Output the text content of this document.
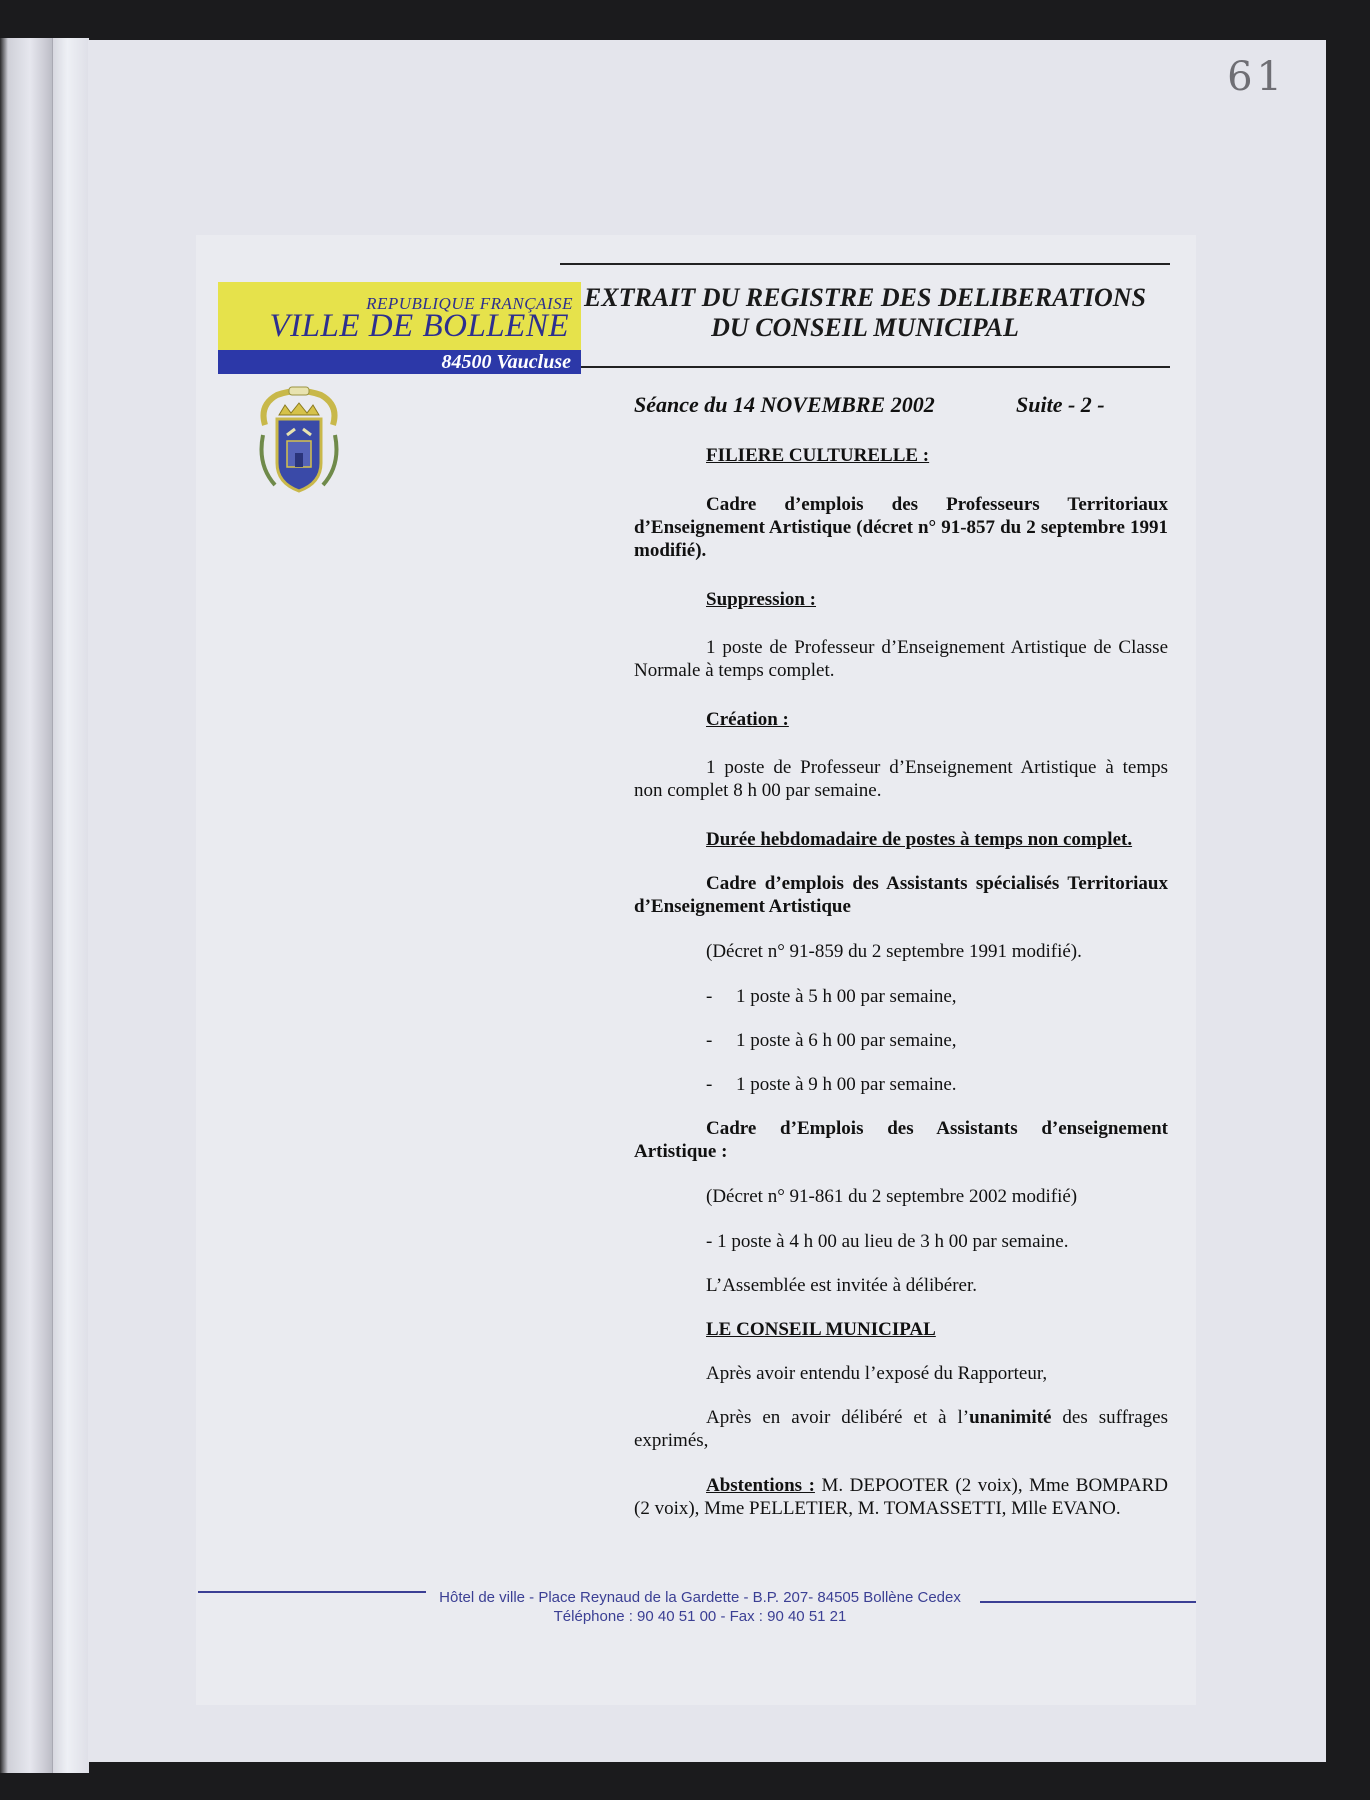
61
REPUBLIQUE FRANÇAISE
VILLE DE BOLLENE
84500 Vaucluse
EXTRAIT DU REGISTRE DES DELIBERATIONS
DU CONSEIL MUNICIPAL
Séance du 14 NOVEMBRE 2002	Suite - 2 -
FILIERE CULTURELLE :
Cadre d’emplois des Professeurs Territoriaux d’Enseignement Artistique (décret n° 91-857 du 2 septembre 1991 modifié).
Suppression :
1 poste de Professeur d’Enseignement Artistique de Classe Normale à temps complet.
Création :
1 poste de Professeur d’Enseignement Artistique à temps non complet 8 h 00 par semaine.
Durée hebdomadaire de postes à temps non complet.
Cadre d’emplois des Assistants spécialisés Territoriaux d’Enseignement Artistique
(Décret n° 91-859 du 2 septembre 1991 modifié).
- 1 poste à 5 h 00 par semaine,
- 1 poste à 6 h 00 par semaine,
- 1 poste à 9 h 00 par semaine.
Cadre d’Emplois des Assistants d’enseignement Artistique :
(Décret n° 91-861 du 2 septembre 2002 modifié)
- 1 poste à 4 h 00 au lieu de 3 h 00 par semaine.
L’Assemblée est invitée à délibérer.
LE CONSEIL MUNICIPAL
Après avoir entendu l’exposé du Rapporteur,
Après en avoir délibéré et à l’unanimité des suffrages exprimés,
Abstentions : M. DEPOOTER (2 voix), Mme BOMPARD (2 voix), Mme PELLETIER, M. TOMASSETTI, Mlle EVANO.
Hôtel de ville - Place Reynaud de la Gardette - B.P. 207- 84505 Bollène Cedex
Téléphone : 90 40 51 00 - Fax : 90 40 51 21
